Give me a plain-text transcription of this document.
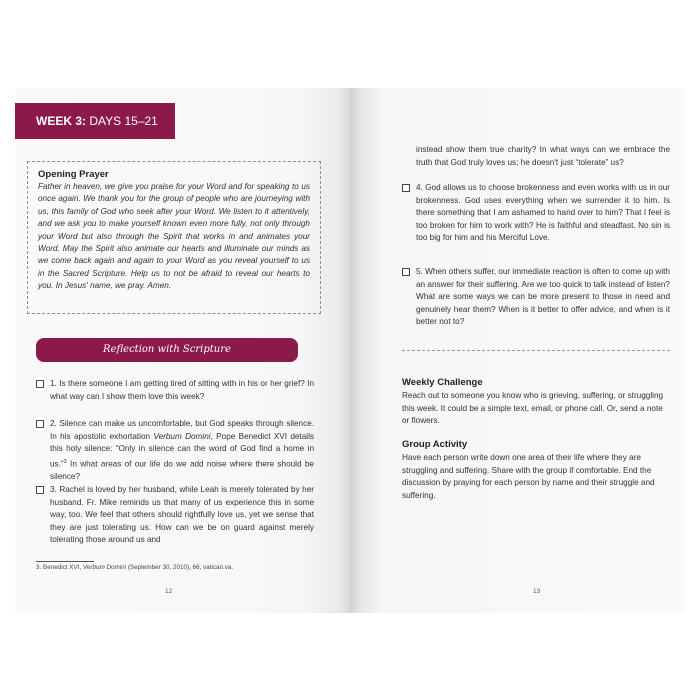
WEEK 3: DAYS 15–21

Opening Prayer

Father in heaven, we give you praise for your Word and for speaking to us once again. We thank you for the group of people who are journeying with us, this family of God who seek after your Word. We listen to it attentively, and we ask you to make yourself known even more fully, not only through your Word but also through the Spirit that works in and animates your Word. May the Spirit also animate our hearts and illuminate our minds as we come back again and again to your Word as you reveal yourself to us in the Sacred Scripture. Help us to not be afraid to reveal our hearts to you. In Jesus' name, we pray. Amen.

Reflection with Scripture
1. Is there someone I am getting tired of sitting with in his or her grief? In what way can I show them love this week?
2. Silence can make us uncomfortable, but God speaks through silence. In his apostolic exhortation Verbum Domini, Pope Benedict XVI details this holy silence: “Only in silence can the word of God find a home in us.”$^3$ In what areas of our life do we add noise where there should be silence?
3. Rachel is loved by her husband, while Leah is merely tolerated by her husband. Fr. Mike reminds us that many of us experience this in some way, too. We feel that others should rightfully love us, yet we sense that they are just tolerating us. How can we be on guard against merely tolerating those around us and
3. Benedict XVI, Verbum Domini (September 30, 2010), 66, vatican.va.
12
instead show them true charity? In what ways can we embrace the truth that God truly loves us; he doesn't just “tolerate” us?
4. God allows us to choose brokenness and even works with us in our brokenness. God uses everything when we surrender it to him. Is there something that I am ashamed to hand over to him? That I feel is too broken for him to work with? He is faithful and steadfast. No sin is too big for him and his Merciful Love.
5. When others suffer, our immediate reaction is often to come up with an answer for their suffering. Are we too quick to talk instead of listen? What are some ways we can be more present to those in need and genuinely hear them? When is it better to offer advice, and when is it better not to?
Weekly Challenge

Reach out to someone you know who is grieving, suffering, or struggling this week. It could be a simple text, email, or phone call. Or, send a note or flowers.

Group Activity

Have each person write down one area of their life where they are struggling and suffering. Share with the group if comfortable. End the discussion by praying for each person by name and their struggle and suffering.

13
